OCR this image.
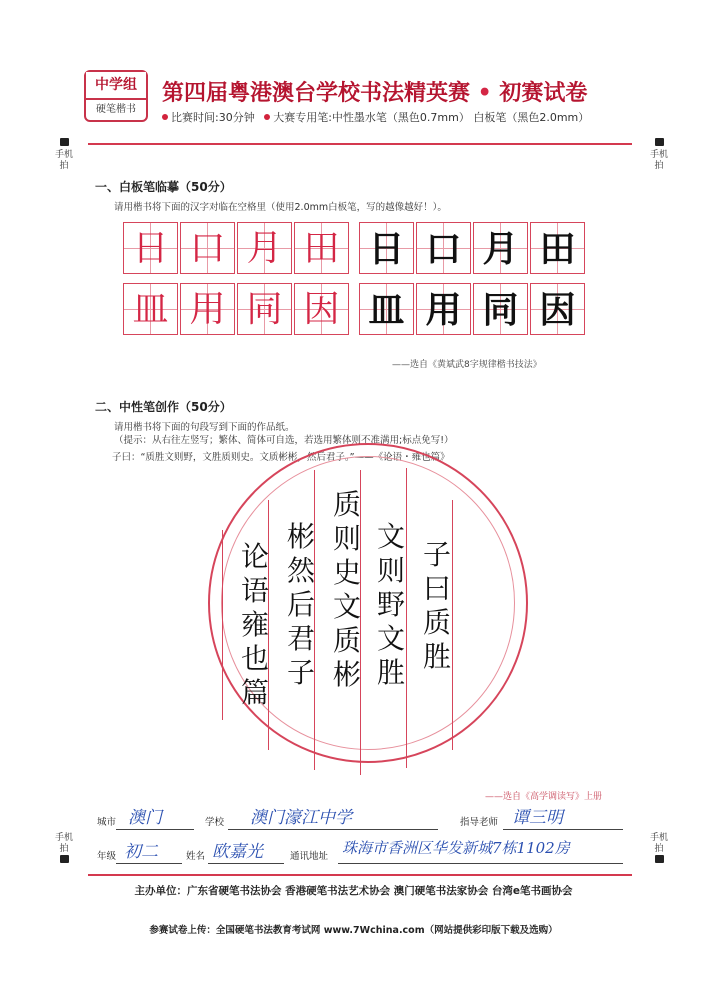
中学组
硬笔楷书
第四届粤港澳台学校书法精英赛 • 初赛试卷
比赛时间:30分钟 大赛专用笔:中性墨水笔（黑色0.7mm） 白板笔（黑色2.0mm）

手机拍

手机拍
手机拍

手机拍

一、白板笔临摹（50分）
请用楷书将下面的汉字对临在空格里（使用2.0mm白板笔，写的越像越好！）。
日 口 月 田 日 口 月 田
皿 用 同 因 皿 用 同 因
——选自《黄斌武8字规律楷书技法》
二、中性笔创作（50分）
请用楷书将下面的句段写到下面的作品纸。
（提示：从右往左竖写；繁体、简体可自选，若选用繁体则不准满用;标点免写!）
子曰：“质胜文则野，文胜质则史。文质彬彬，然后君子。”——《论语・雍也篇》
子
曰
质
胜
文
则
野
文
胜
质
则
史
文
质
彬
彬
然
后
君
子
论
语
雍
也
篇
——选自《高学调读写》上册
城市 澳门	学校 澳门濠江中学	指导老师 谭三明
年级 初二	姓名 欧嘉光	通讯地址 珠海市香洲区华发新城7栋1102房
主办单位：广东省硬笔书法协会 香港硬笔书法艺术协会 澳门硬笔书法家协会 台湾e笔书画协会
参赛试卷上传：全国硬笔书法教育考试网 www.7Wchina.com（网站提供彩印版下载及选购）
